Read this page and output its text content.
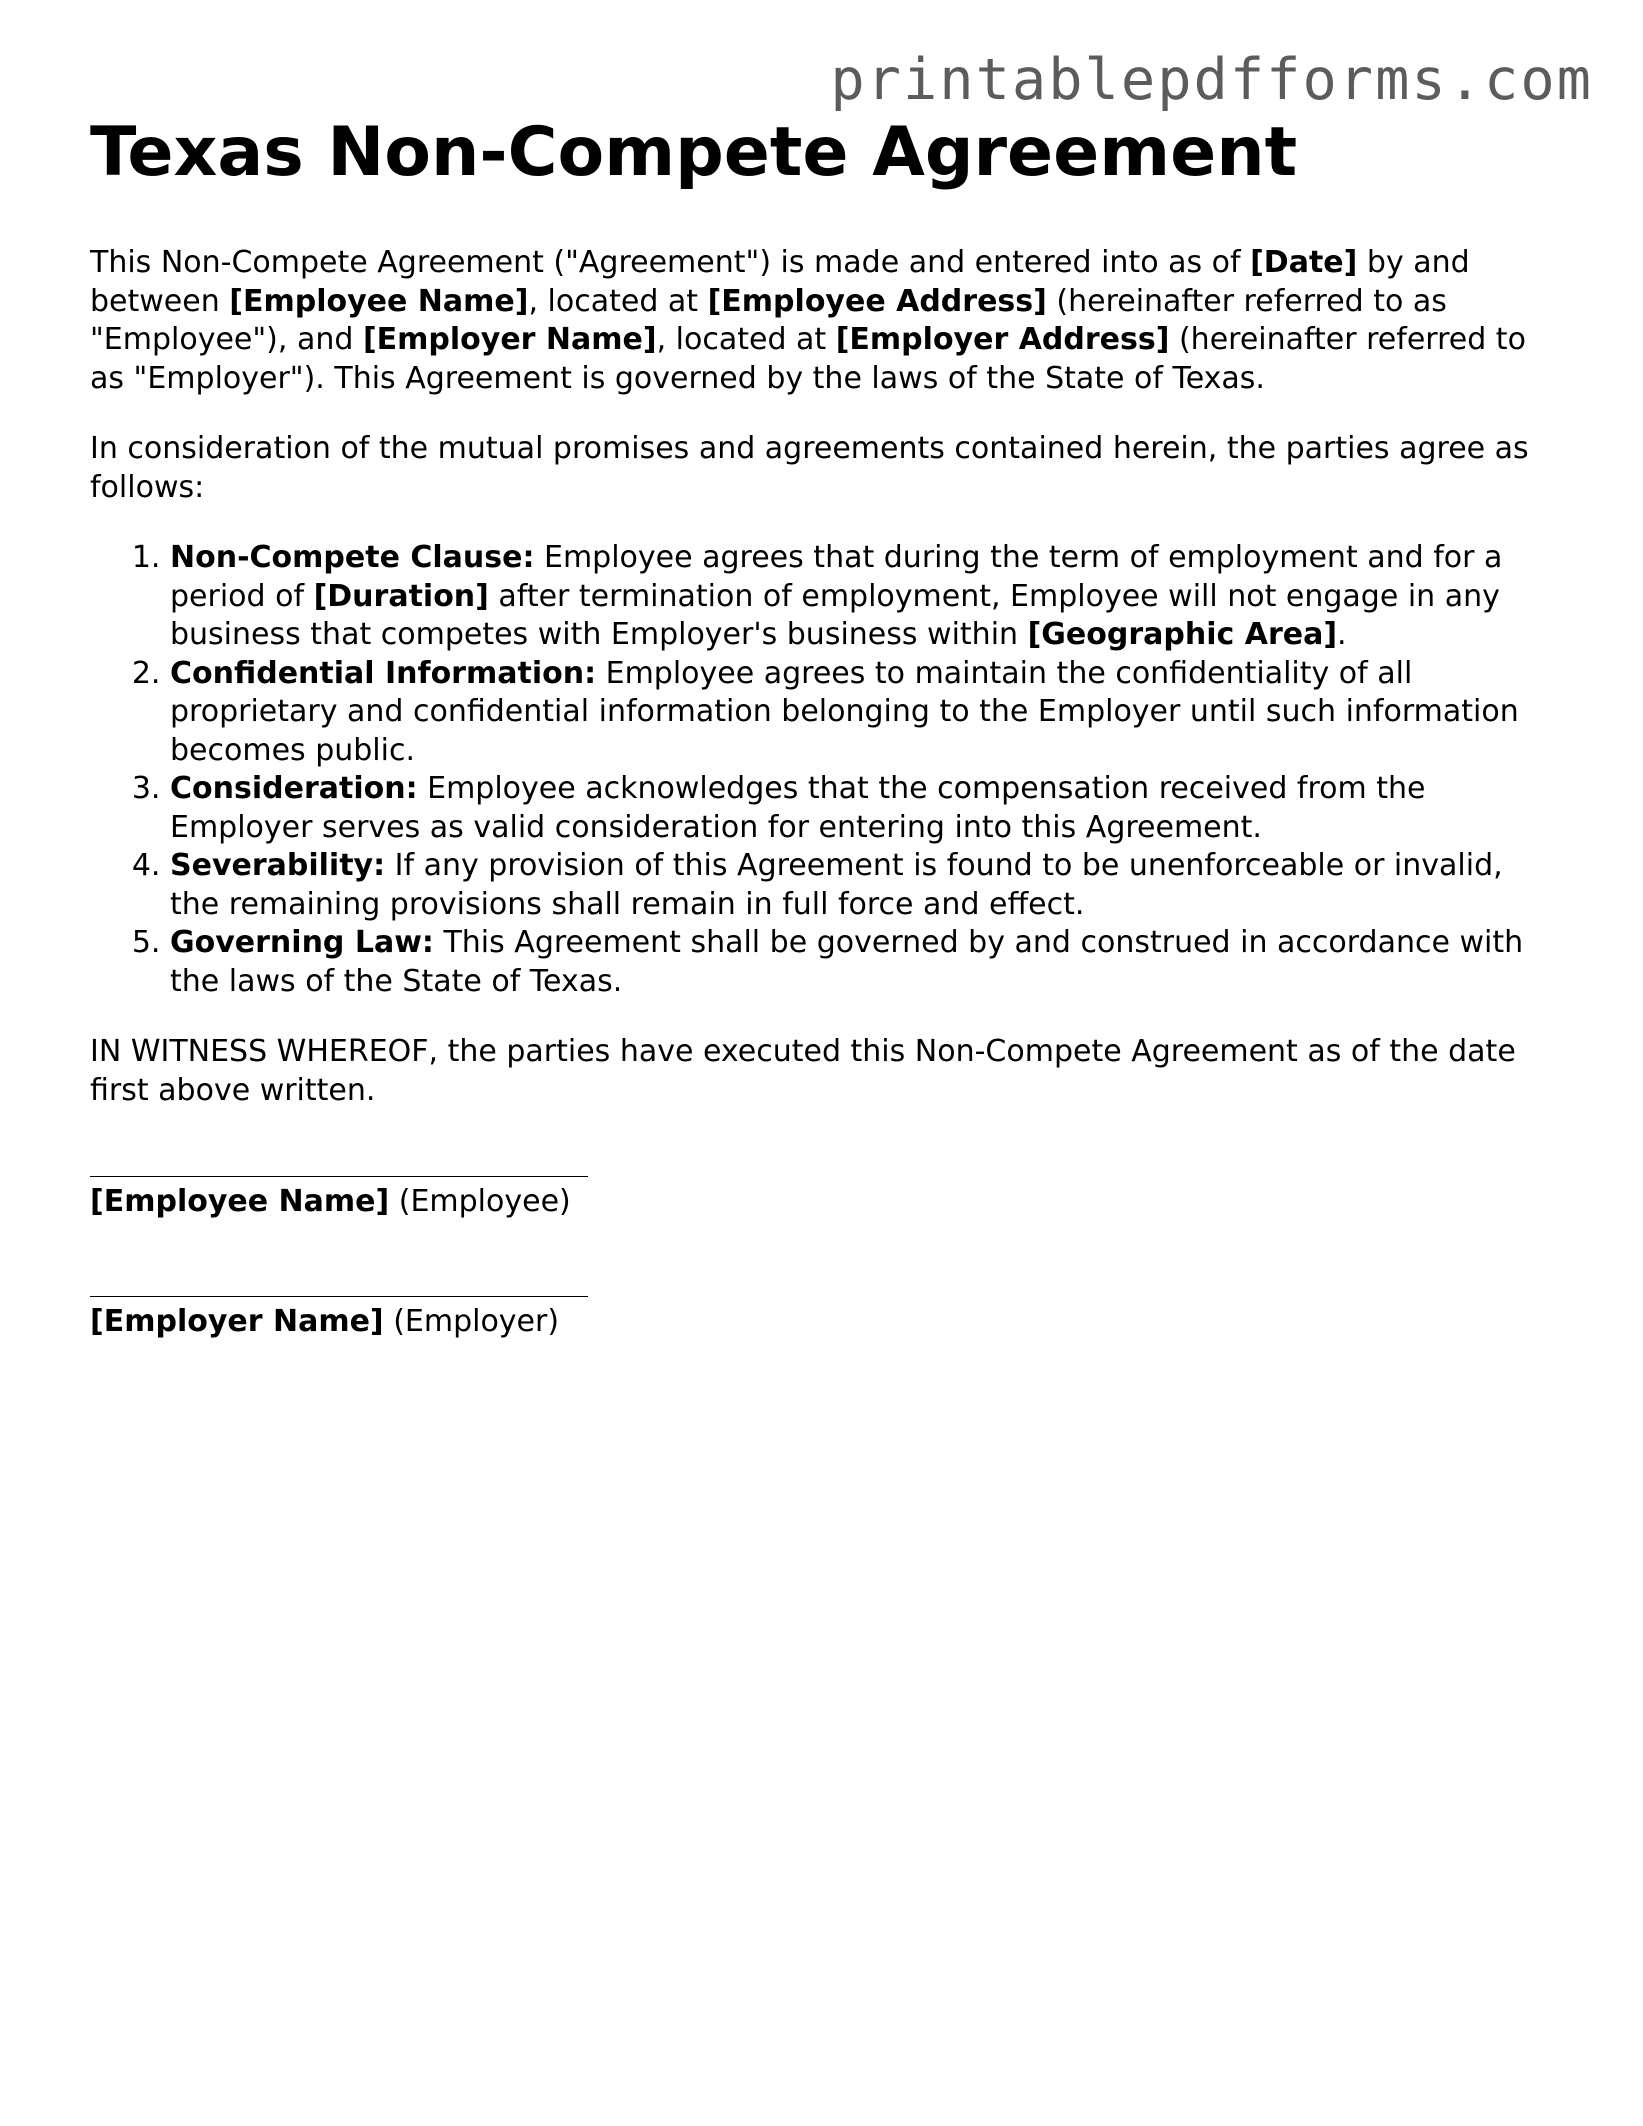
printablepdfforms.com
Texas Non-Compete Agreement

This Non-Compete Agreement ("Agreement") is made and entered into as of [Date] by and between [Employee Name], located at [Employee Address] (hereinafter referred to as "Employee"), and [Employer Name], located at [Employer Address] (hereinafter referred to as "Employer"). This Agreement is governed by the laws of the State of Texas.

In consideration of the mutual promises and agreements contained herein, the parties agree as follows:

1. Non-Compete Clause: Employee agrees that during the term of employment and for a period of [Duration] after termination of employment, Employee will not engage in any business that competes with Employer's business within [Geographic Area].
2. Confidential Information: Employee agrees to maintain the confidentiality of all proprietary and confidential information belonging to the Employer until such information becomes public.
3. Consideration: Employee acknowledges that the compensation received from the Employer serves as valid consideration for entering into this Agreement.
4. Severability: If any provision of this Agreement is found to be unenforceable or invalid, the remaining provisions shall remain in full force and effect.
5. Governing Law: This Agreement shall be governed by and construed in accordance with the laws of the State of Texas.

IN WITNESS WHEREOF, the parties have executed this Non-Compete Agreement as of the date first above written.

[Employee Name] (Employee)
[Employer Name] (Employer)
